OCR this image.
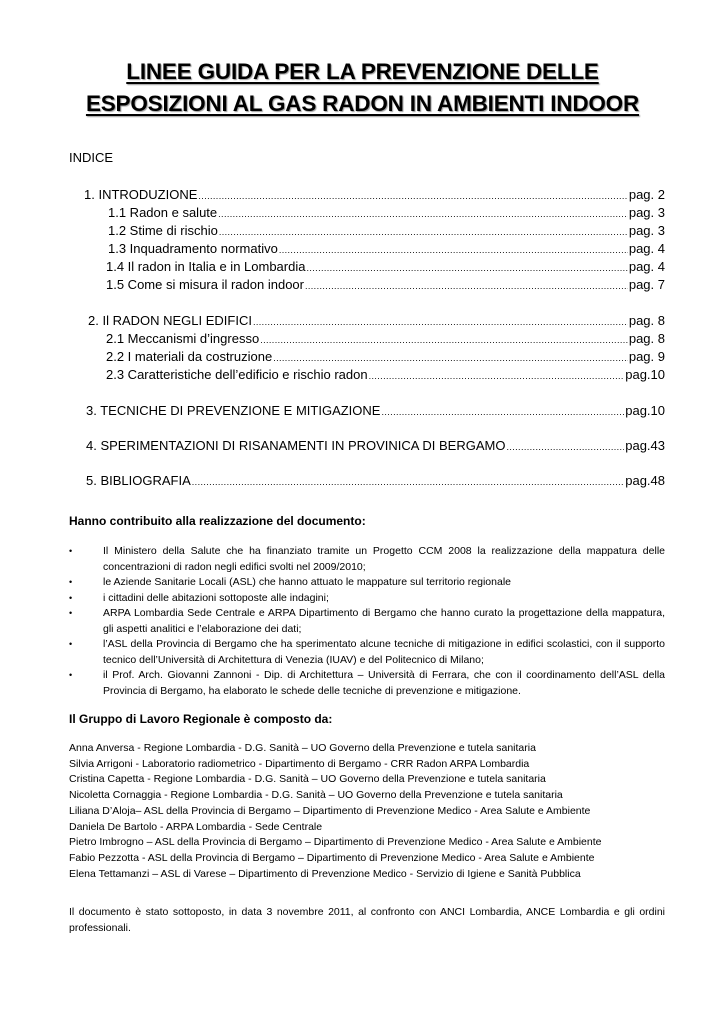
LINEE GUIDA PER LA PREVENZIONE DELLE
ESPOSIZIONI AL GAS RADON IN AMBIENTI INDOOR
INDICE
1. INTRODUZIONE .....	pag. 2
1.1 Radon e salute .....	pag. 3
1.2 Stime di rischio .....	pag. 3
1.3 Inquadramento normativo .....	pag. 4
1.4 Il radon in Italia e in Lombardia .....	pag. 4
1.5 Come si misura il radon indoor .....	pag. 7
2. Il RADON NEGLI EDIFICI .....	pag. 8
2.1 Meccanismi d’ingresso .....	pag. 8
2.2 I materiali da costruzione .....	pag. 9
2.3 Caratteristiche dell’edificio e rischio radon .....	pag.10
3. TECNICHE DI PREVENZIONE E MITIGAZIONE .....	pag.10
4. SPERIMENTAZIONI DI RISANAMENTI IN PROVINICA DI BERGAMO .....	pag.43
5. BIBLIOGRAFIA .....	pag.48
Hanno contribuito alla realizzazione del documento:
•	Il Ministero della Salute che ha finanziato tramite un Progetto CCM 2008 la realizzazione della mappatura delle concentrazioni di radon negli edifici svolti nel 2009/2010;
•	le Aziende Sanitarie Locali (ASL) che hanno attuato le mappature sul territorio regionale
•	i cittadini delle abitazioni sottoposte alle indagini;
•	ARPA Lombardia Sede Centrale e ARPA Dipartimento di Bergamo che hanno curato la progettazione della mappatura, gli aspetti analitici e l’elaborazione dei dati;
•	l’ASL della Provincia di Bergamo che ha sperimentato alcune tecniche di mitigazione in edifici scolastici, con il supporto tecnico dell’Università di Architettura di Venezia (IUAV) e del Politecnico di Milano;
•	il Prof. Arch. Giovanni Zannoni - Dip. di Architettura – Università di Ferrara, che con il coordinamento dell’ASL della Provincia di Bergamo, ha elaborato le schede delle tecniche di prevenzione e mitigazione.
Il Gruppo di Lavoro Regionale è composto da:
Anna Anversa - Regione Lombardia - D.G. Sanità – UO Governo della Prevenzione e tutela sanitaria
Silvia Arrigoni - Laboratorio radiometrico - Dipartimento di Bergamo - CRR Radon ARPA Lombardia
Cristina Capetta - Regione Lombardia - D.G. Sanità – UO Governo della Prevenzione e tutela sanitaria
Nicoletta Cornaggia - Regione Lombardia - D.G. Sanità – UO Governo della Prevenzione e tutela sanitaria
Liliana D’Aloja– ASL della Provincia di Bergamo – Dipartimento di Prevenzione Medico - Area Salute e Ambiente
Daniela De Bartolo - ARPA Lombardia - Sede Centrale
Pietro Imbrogno – ASL della Provincia di Bergamo – Dipartimento di Prevenzione Medico - Area Salute e Ambiente
Fabio Pezzotta - ASL della Provincia di Bergamo – Dipartimento di Prevenzione Medico - Area Salute e Ambiente
Elena Tettamanzi – ASL di Varese – Dipartimento di Prevenzione Medico - Servizio di Igiene e Sanità Pubblica
Il documento è stato sottoposto, in data 3 novembre 2011, al confronto con ANCI Lombardia, ANCE Lombardia e gli ordini professionali.
